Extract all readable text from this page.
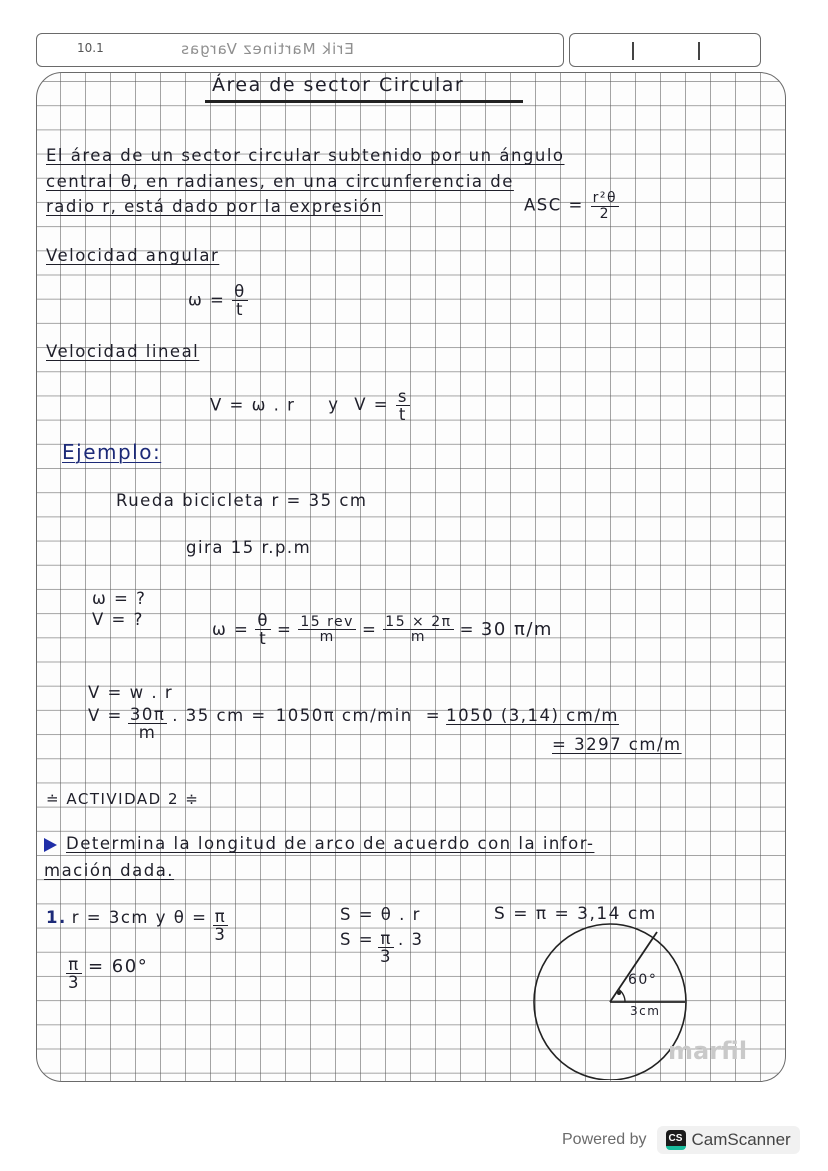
10.1	Erik Martinez Vargas
Área de sector Circular
El área de un sector circular subtenido por un ángulo
central θ, en radianes, en una circunferencia de
radio r, está dado por la expresión	ASC = $\frac{\text{r²θ}}{2}$
Velocidad angular
$\omega = \frac{\theta}{t}$
Velocidad lineal
V = ω . r y $V = \frac{s}{t}$
Ejemplo:
Rueda bicicleta r = 35 cm
gira 15 r.p.m
ω = ?
V = ?
$\omega = \frac{\theta}{t} = \frac{\text{15 rev}}{m} = \frac{15 \times 2\pi}{m} = 30$ π/m
V = w . r
$V = \frac{30\pi}{m}$ . 35 cm = 1050π cm/min = 1050 (3,14) cm/m
= 3297 cm/m
≐ ACTIVIDAD 2 ≑
Determina la longitud de arco de acuerdo con la infor-
mación dada.
1. r = 3cm y $\theta = \frac{\pi}{3}$
$\frac{\pi}{3} = 60^\circ$
S = θ . r
$S = \frac{\pi}{3}$ . 3
S = π = 3,14 cm
60°
3cm
marfil
Powered by	CS CamScanner
